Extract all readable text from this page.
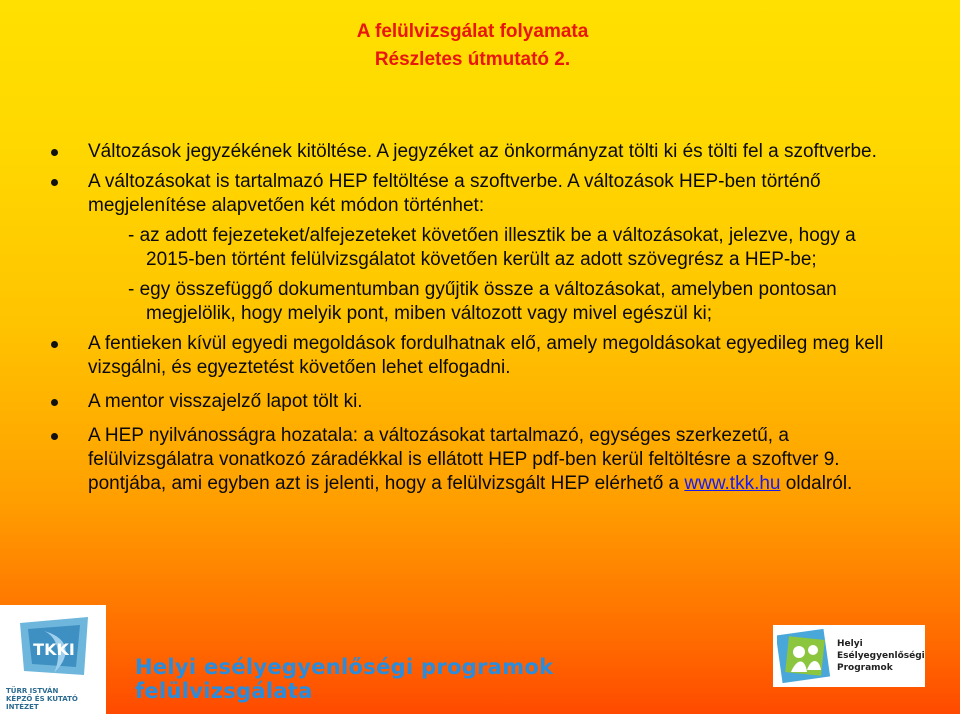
A felülvizsgálat folyamata
Részletes útmutató 2.
Változások jegyzékének kitöltése. A jegyzéket az önkormányzat tölti ki és tölti fel a szoftverbe.
A változásokat is tartalmazó HEP feltöltése a szoftverbe. A változások HEP-ben történő megjelenítése alapvetően két módon történhet:
- az adott fejezeteket/alfejezeteket követően illesztik be a változásokat, jelezve, hogy a 2015-ben történt felülvizsgálatot követően került az adott szövegrész a HEP-be;
- egy összefüggő dokumentumban gyűjtik össze a változásokat, amelyben pontosan megjelölik, hogy melyik pont, miben változott vagy mivel egészül ki;
A fentieken kívül egyedi megoldások fordulhatnak elő, amely megoldásokat egyedileg meg kell vizsgálni, és egyeztetést követően lehet elfogadni.
A mentor visszajelző lapot tölt ki.
A HEP nyilvánosságra hozatala: a változásokat tartalmazó, egységes szerkezetű, a felülvizsgálatra vonatkozó záradékkal is ellátott HEP pdf-ben kerül feltöltésre a szoftver 9. pontjába, ami egyben azt is jelenti, hogy a felülvizsgált HEP elérhető a www.tkk.hu oldalról.
TKKI
TÜRR ISTVÁN
KÉPZŐ ÉS KUTATÓ
INTÉZET
Helyi esélyegyenlőségi programok felülvizsgálata
Helyi
Esélyegyenlőségi
Programok
